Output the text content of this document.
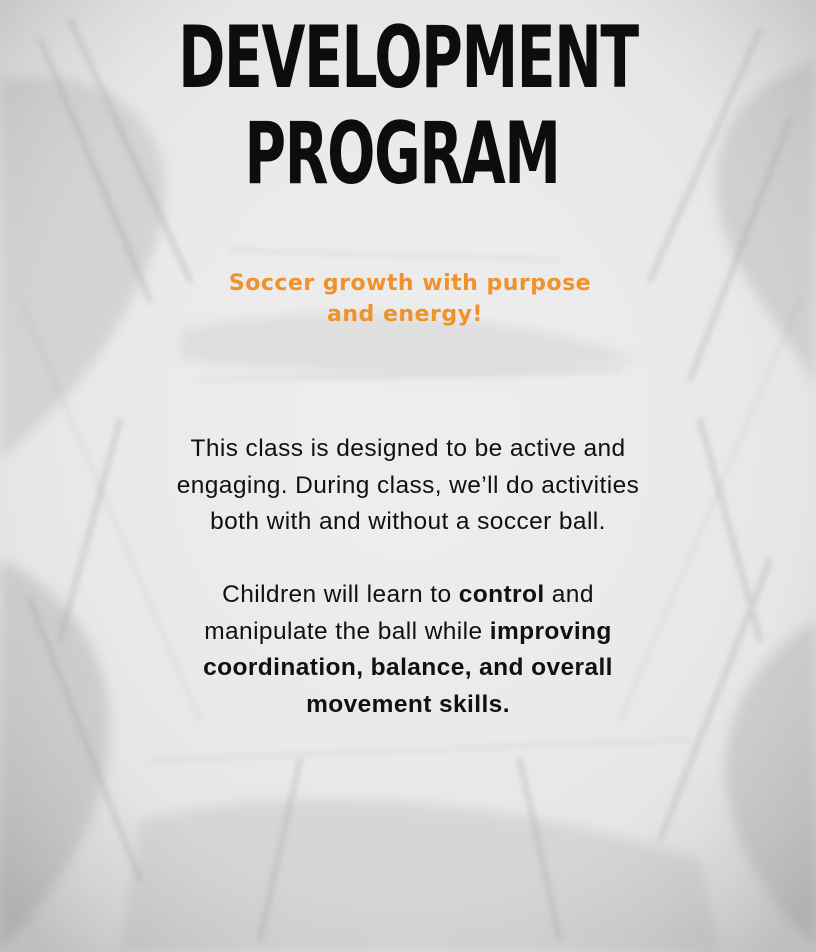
DEVELOPMENT
PROGRAM
Soccer growth with purpose
and energy!
This class is designed to be active and
engaging. During class, we’ll do activities
both with and without a soccer ball.
Children will learn to control and
manipulate the ball while improving
coordination, balance, and overall
movement skills.
